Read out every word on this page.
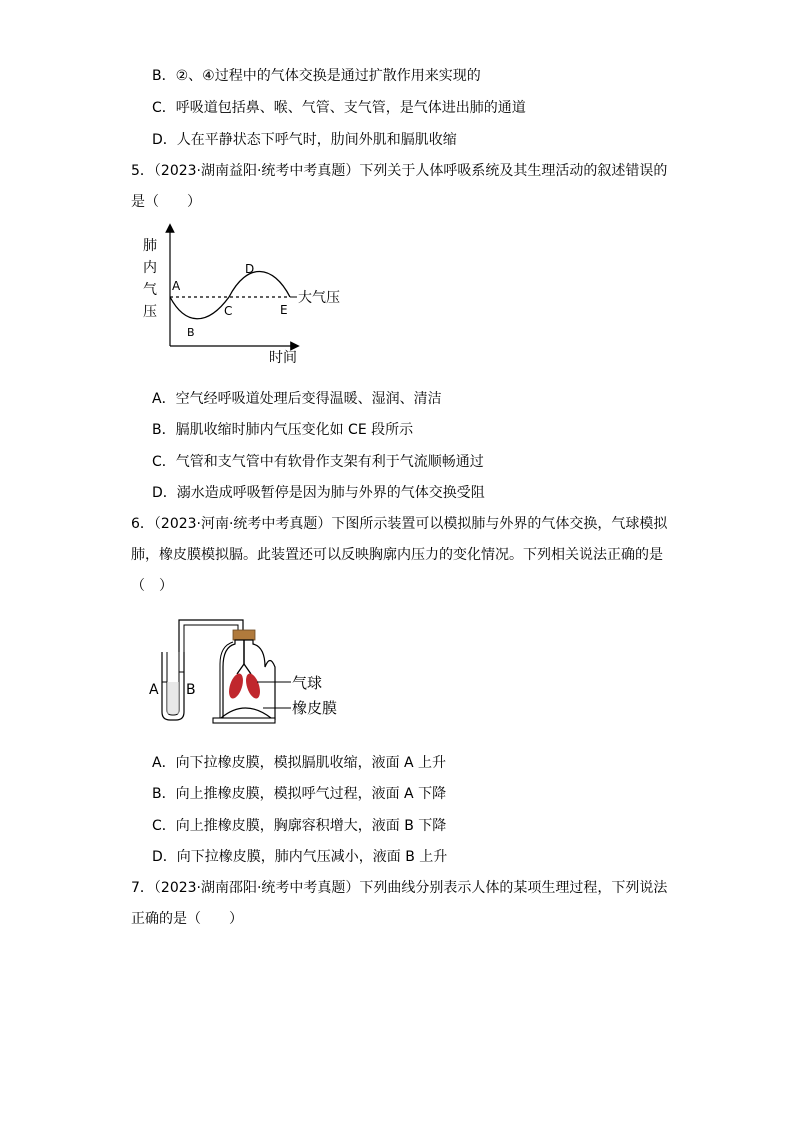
B．②、④过程中的气体交换是通过扩散作用来实现的
C．呼吸道包括鼻、喉、气管、支气管，是气体进出肺的通道
D．人在平静状态下呼气时，肋间外肌和膈肌收缩
5．（2023·湖南益阳·统考中考真题）下列关于人体呼吸系统及其生理活动的叙述错误的
是（　　）
肺
内
气
压
A
B
C
D
E
大气压
时间
A．空气经呼吸道处理后变得温暖、湿润、清洁
B．膈肌收缩时肺内气压变化如 CE 段所示
C．气管和支气管中有软骨作支架有利于气流顺畅通过
D．溺水造成呼吸暂停是因为肺与外界的气体交换受阻
6．（2023·河南·统考中考真题）下图所示装置可以模拟肺与外界的气体交换，气球模拟
肺，橡皮膜模拟膈。此装置还可以反映胸廓内压力的变化情况。下列相关说法正确的是
（　）
A B	气球
橡皮膜
A．向下拉橡皮膜，模拟膈肌收缩，液面 A 上升
B．向上推橡皮膜，模拟呼气过程，液面 A 下降
C．向上推橡皮膜，胸廓容积增大，液面 B 下降
D．向下拉橡皮膜，肺内气压减小，液面 B 上升
7．（2023·湖南邵阳·统考中考真题）下列曲线分别表示人体的某项生理过程，下列说法
正确的是（　　）
